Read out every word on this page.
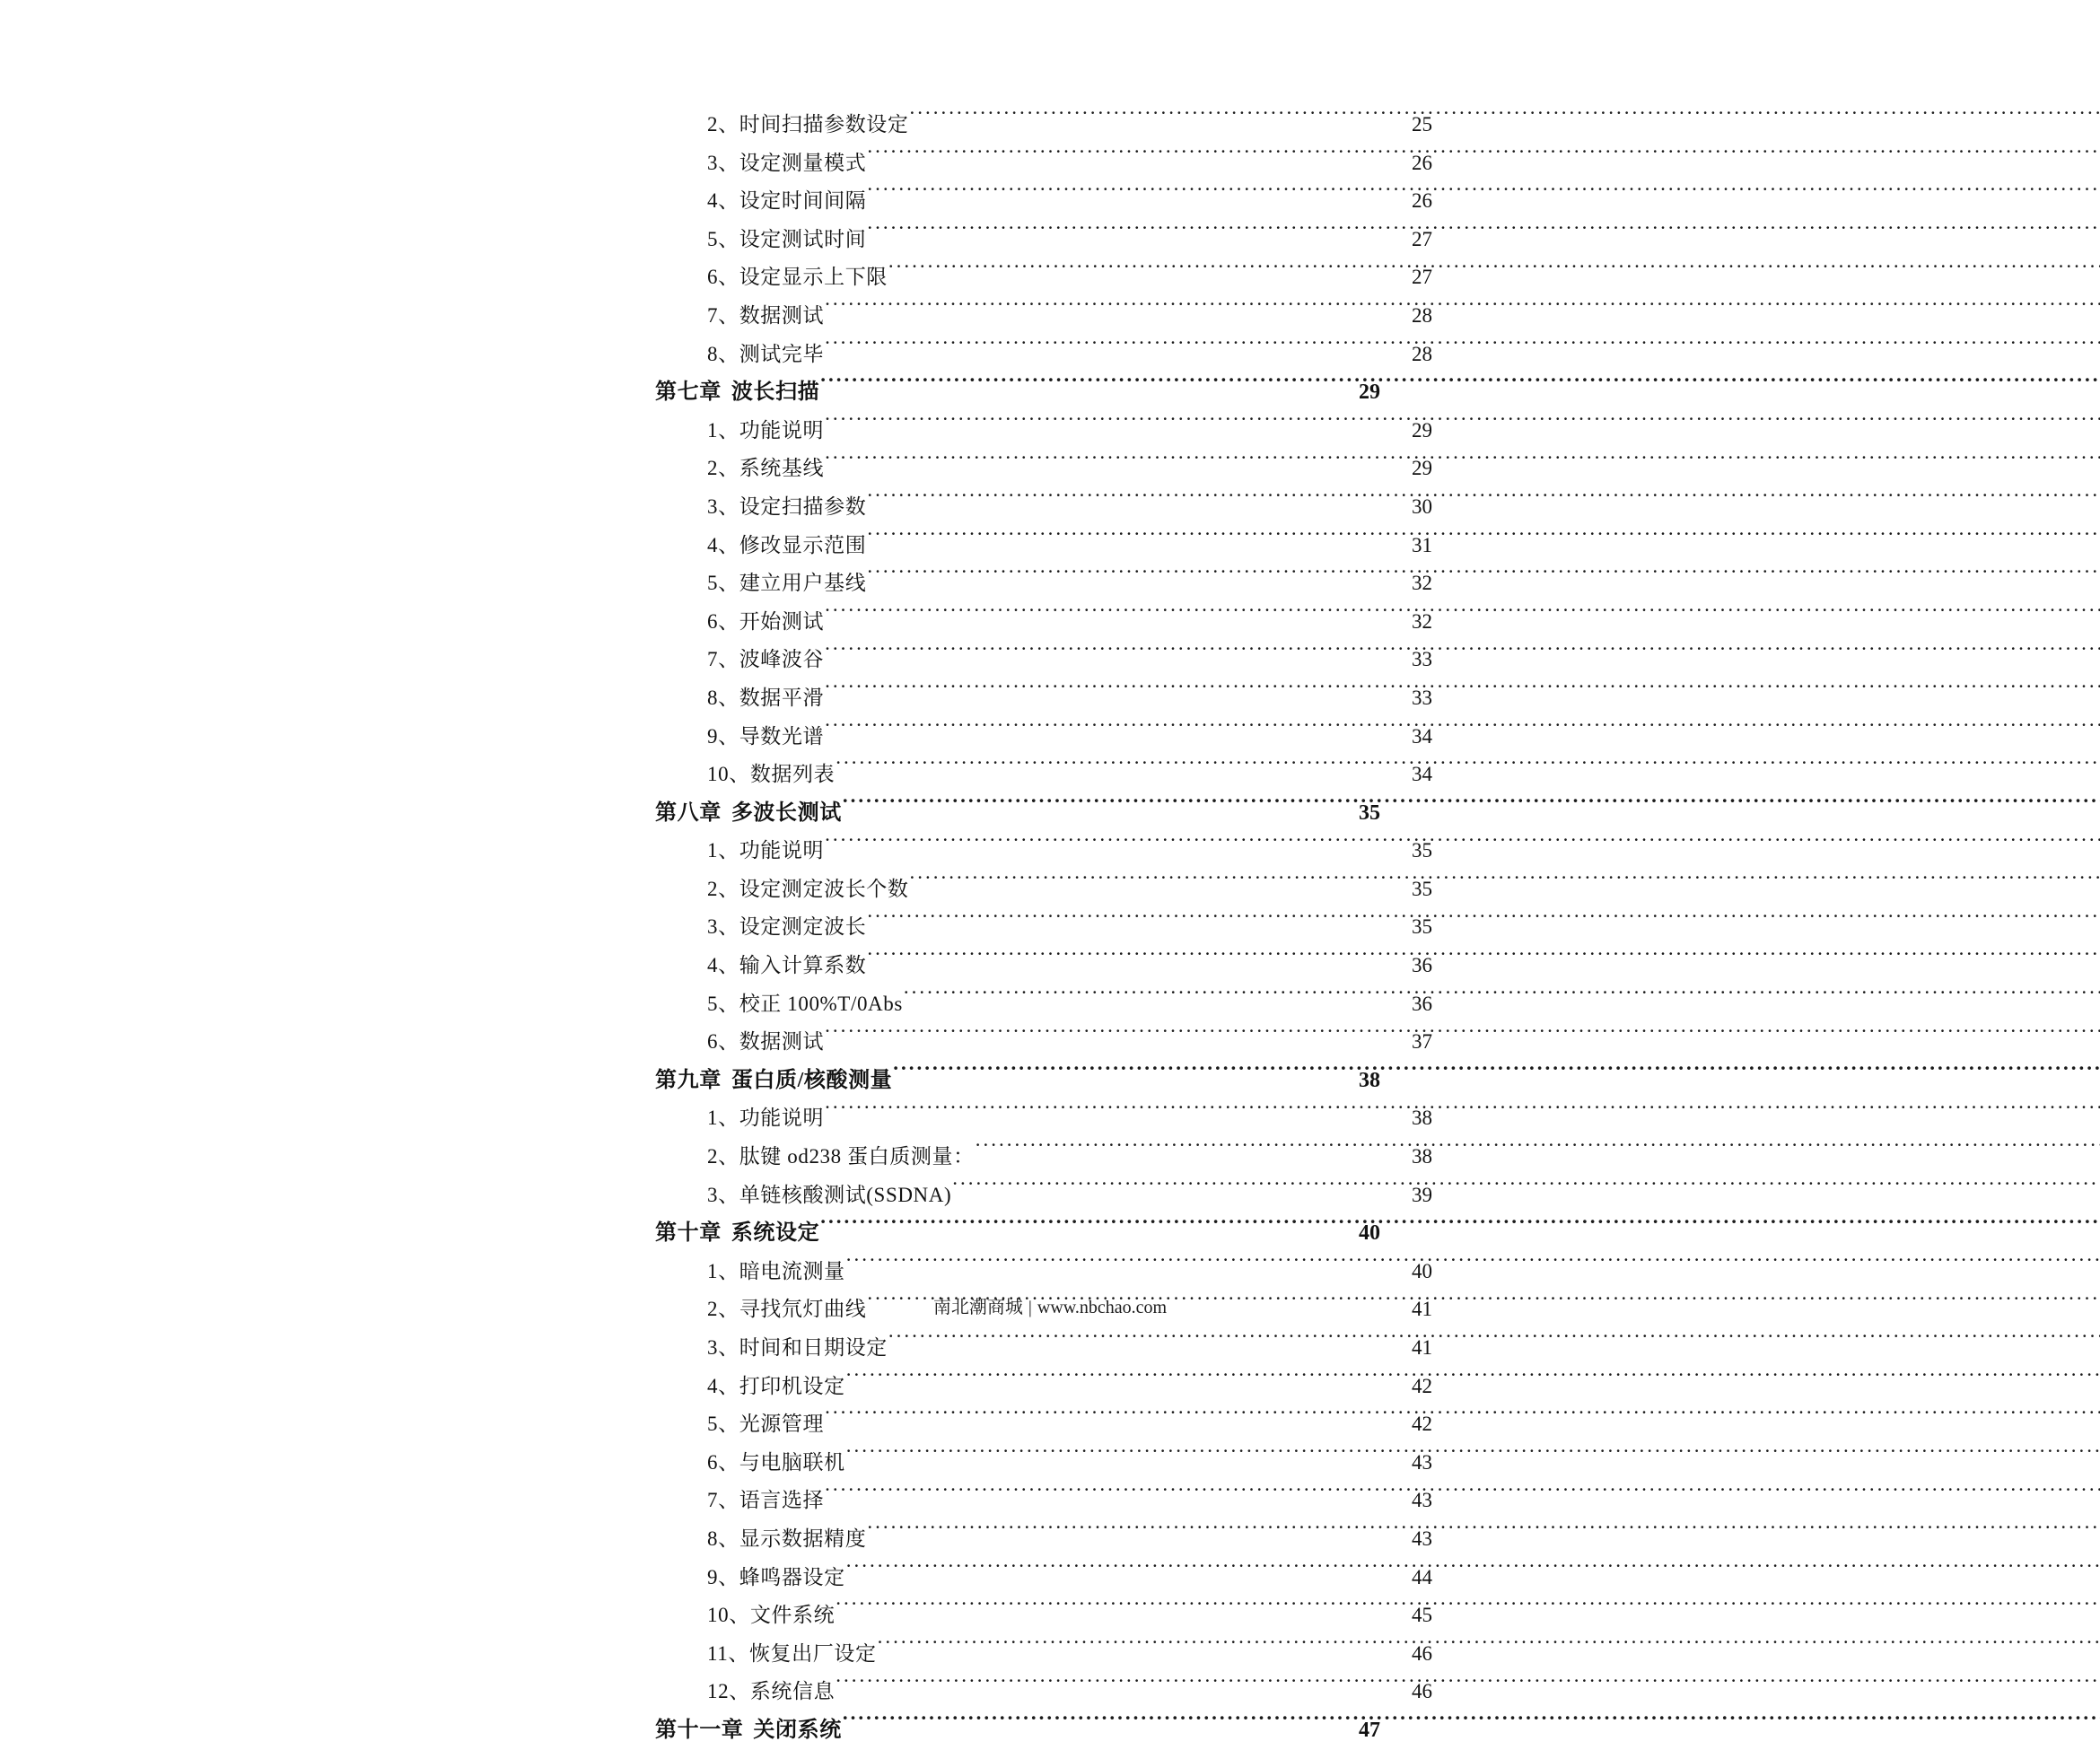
2、时间扫描参数设定 .....	25
3、设定测量模式 .....	26
4、设定时间间隔 .....	26
5、设定测试时间 .....	27
6、设定显示上下限 .....	27
7、数据测试 .....	28
8、测试完毕 .....	28
第七章 波长扫描 .....	29
1、功能说明 .....	29
2、系统基线 .....	29
3、设定扫描参数 .....	30
4、修改显示范围 .....	31
5、建立用户基线 .....	32
6、开始测试 .....	32
7、波峰波谷 .....	33
8、数据平滑 .....	33
9、导数光谱 .....	34
10、数据列表 .....	34
第八章 多波长测试 .....	35
1、功能说明 .....	35
2、设定测定波长个数 .....	35
3、设定测定波长 .....	35
4、输入计算系数 .....	36
5、校正 100%T/0Abs .....	36
6、数据测试 .....	37
第九章 蛋白质/核酸测量 .....	38
1、功能说明 .....	38
2、肽键 od238 蛋白质测量： .....	38
3、单链核酸测试(SSDNA) .....	39
第十章 系统设定 .....	40
1、暗电流测量 .....	40
2、寻找氘灯曲线 .....	41
3、时间和日期设定 .....	41
4、打印机设定 .....	42
5、光源管理 .....	42
6、与电脑联机 .....	43
7、语言选择 .....	43
8、显示数据精度 .....	43
9、蜂鸣器设定 .....	44
10、文件系统 .....	45
11、恢复出厂设定 .....	46
12、系统信息 .....	46
第十一章 关闭系统 .....	47
南北潮商城 | www.nbchao.com
